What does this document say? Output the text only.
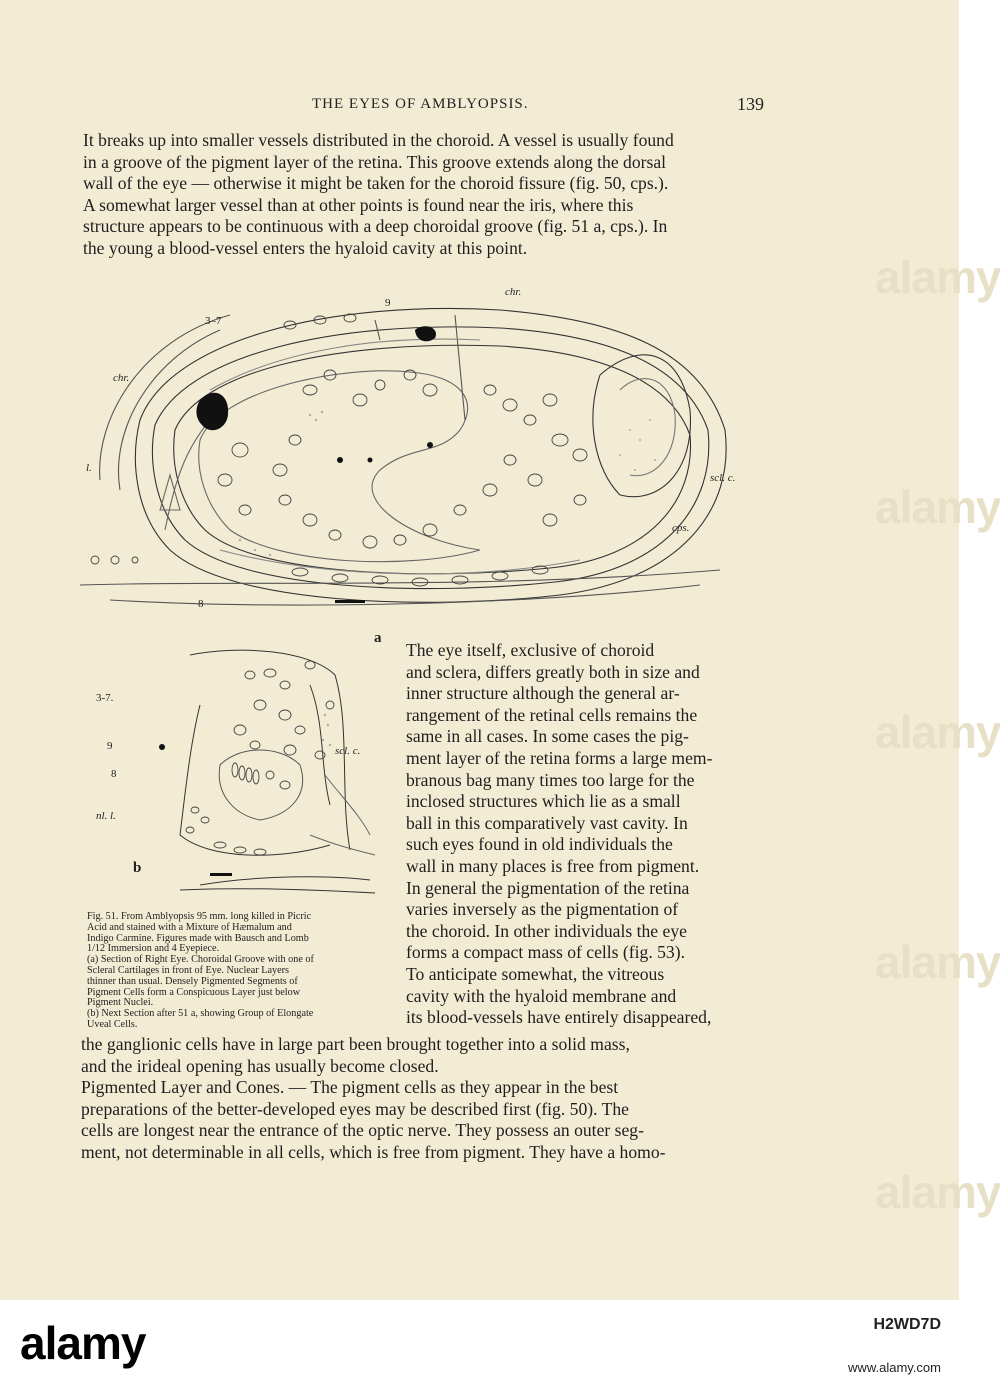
alamy
alamy
alamy
alamy
alamy
THE EYES OF AMBLYOPSIS.	139
It breaks up into smaller vessels distributed in the choroid. A vessel is usually found
in a groove of the pigment layer of the retina. This groove extends along the dorsal
wall of the eye — otherwise it might be taken for the choroid fissure (fig. 50, cps.).
A somewhat larger vessel than at other points is found near the iris, where this
structure appears to be continuous with a deep choroidal groove (fig. 51 a, cps.). In
the young a blood-vessel enters the hyaloid cavity at this point.
9
chr.
3–7
chr.
l.
scl. c.
cps.
8
a
3-7.
9
8
nl. l.
scl. c.
b
Fig. 51. From Amblyopsis 95 mm. long killed in Picric
Acid and stained with a Mixture of Hæmalum and
Indigo Carmine. Figures made with Bausch and Lomb
1/12 Immersion and 4 Eyepiece.
(a) Section of Right Eye. Choroidal Groove with one of
Scleral Cartilages in front of Eye. Nuclear Layers
thinner than usual. Densely Pigmented Segments of
Pigment Cells form a Conspicuous Layer just below
Pigment Nuclei.
(b) Next Section after 51 a, showing Group of Elongate
Uveal Cells.
The eye itself, exclusive of choroid
and sclera, differs greatly both in size and
inner structure although the general ar-
rangement of the retinal cells remains the
same in all cases. In some cases the pig-
ment layer of the retina forms a large mem-
branous bag many times too large for the
inclosed structures which lie as a small
ball in this comparatively vast cavity. In
such eyes found in old individuals the
wall in many places is free from pigment.
In general the pigmentation of the retina
varies inversely as the pigmentation of
the choroid. In other individuals the eye
forms a compact mass of cells (fig. 53).
To anticipate somewhat, the vitreous
cavity with the hyaloid membrane and
its blood-vessels have entirely disappeared,
the ganglionic cells have in large part been brought together into a solid mass,
and the irideal opening has usually become closed.
Pigmented Layer and Cones. — The pigment cells as they appear in the best
preparations of the better-developed eyes may be described first (fig. 50). The
cells are longest near the entrance of the optic nerve. They possess an outer seg-
ment, not determinable in all cells, which is free from pigment. They have a homo-
alamy	H2WD7D
www.alamy.com
